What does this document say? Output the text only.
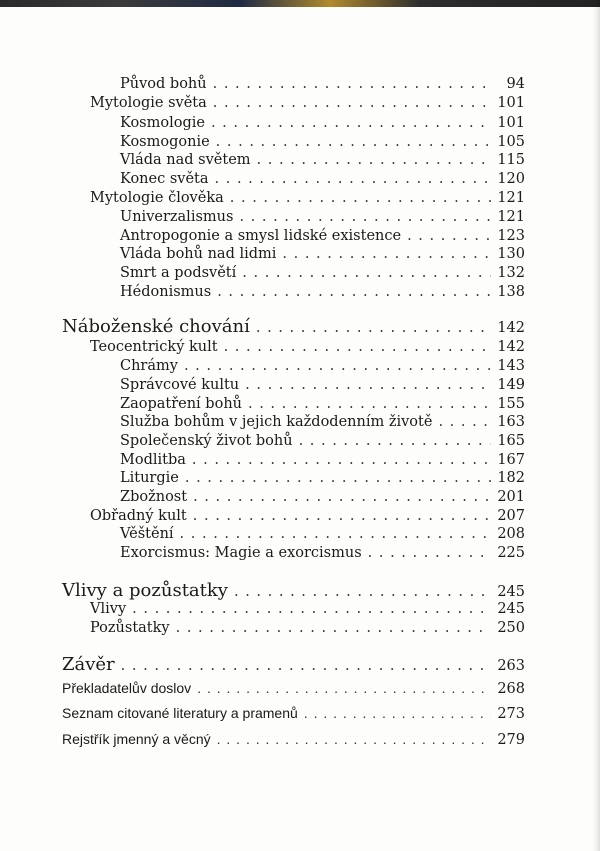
Původ bohů . . .	94
Mytologie světa . . .	101
Kosmologie . . .	101
Kosmogonie . . .	105
Vláda nad světem . . .	115
Konec světa . . .	120
Mytologie člověka . . .	121
Univerzalismus . . .	121
Antropogonie a smysl lidské existence . . .	123
Vláda bohů nad lidmi . . .	130
Smrt a podsvětí . . .	132
Hédonismus . . .	138
Náboženské chování . . .	142
Teocentrický kult . . .	142
Chrámy . . .	143
Správcové kultu . . .	149
Zaopatření bohů . . .	155
Služba bohům v jejich každodenním životě . . .	163
Společenský život bohů . . .	165
Modlitba . . .	167
Liturgie . . .	182
Zbožnost . . .	201
Obřadný kult . . .	207
Věštění . . .	208
Exorcismus: Magie a exorcismus . . .	225
Vlivy a pozůstatky . . .	245
Vlivy . . .	245
Pozůstatky . . .	250
Závěr . . .	263
Překladatelův doslov . . .	268
Seznam citované literatury a pramenů . . .	273
Rejstřík jmenný a věcný . . .	279
